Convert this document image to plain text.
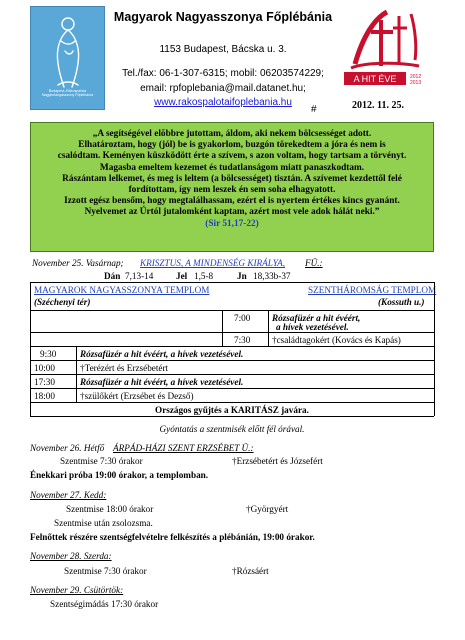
Budapest–Rákospalota Nagyboldogasszony Főplébánia
A HIT ÉVE	2012
2013
Magyarok Nagyasszonya Főplébánia
1153 Budapest, Bácska u. 3.
Tel./fax: 06-1-307-6315; mobil: 06203574229;
email: rpfoplebania@mail.datanet.hu;
www.rakospalotaifoplebania.hu
#	2012. 11. 25.
„A segítségével elõbbre jutottam, áldom, aki nekem bölcsességet adott.
Elhatároztam, hogy (jól) be is gyakorlom, buzgón törekedtem a jóra és nem is
csalódtam. Keményen küszködött érte a szívem, s azon voltam, hogy tartsam a törvényt.
Magasba emeltem kezemet és tudatlanságom miatt panaszkodtam.
Rászántam lelkemet, és meg is leltem (a bölcsességet) tisztán. A szívemet kezdettől felé
fordítottam, így nem leszek én sem soha elhagyatott.
Izzott egész bensőm, hogy megtalálhassam, ezért el is nyertem értékes kincs gyanánt.
Nyelvemet az Úrtól jutalomként kaptam, azért most vele adok hálát neki.”
(Sir 51,17-22)
November 25. Vasárnap; KRISZTUS, A MINDENSÉG KIRÁLYA, FÜ.:
Dán 7,13-14 Jel 1,5-8	Jn 18,33b-37
MAGYAROK NAGYASSZONYA TEMPLOM	SZENTHÁROMSÁG TEMPLOM
(Széchenyi tér)	(Kossuth u.)
7:00 Rózsafüzér a hit évéért,
a hívek vezetésével.
7:30 †családtagokért (Kovács és Kapás)
9:30	Rózsafüzér a hit évéért, a hívek vezetésével.
10:00	†Terézért és Erzsébetért
17:30	Rózsafüzér a hit évéért, a hívek vezetésével.
18:00	†szülőkért (Erzsébet és Dezső)
Országos gyűjtés a KARITÁSZ javára.
Gyóntatás a szentmisék előtt fél órával.
November 26. Hétfő ÁRPÁD-HÁZI SZENT ERZSÉBET Ü.:
Szentmise 7:30 órakor	†Erzsébetért és Józsefért
Énekkari próba 19:00 órakor, a templomban.
November 27. Kedd:
Szentmise 18:00 órakor	†Györgyért
Szentmise után zsolozsma.
Felnőttek részére szentségfelvételre felkészítés a plébánián, 19:00 órakor.
November 28. Szerda:
Szentmise 7:30 órakor	†Rózsáért
November 29. Csütörtök:
Szentségimádás 17:30 órakor
